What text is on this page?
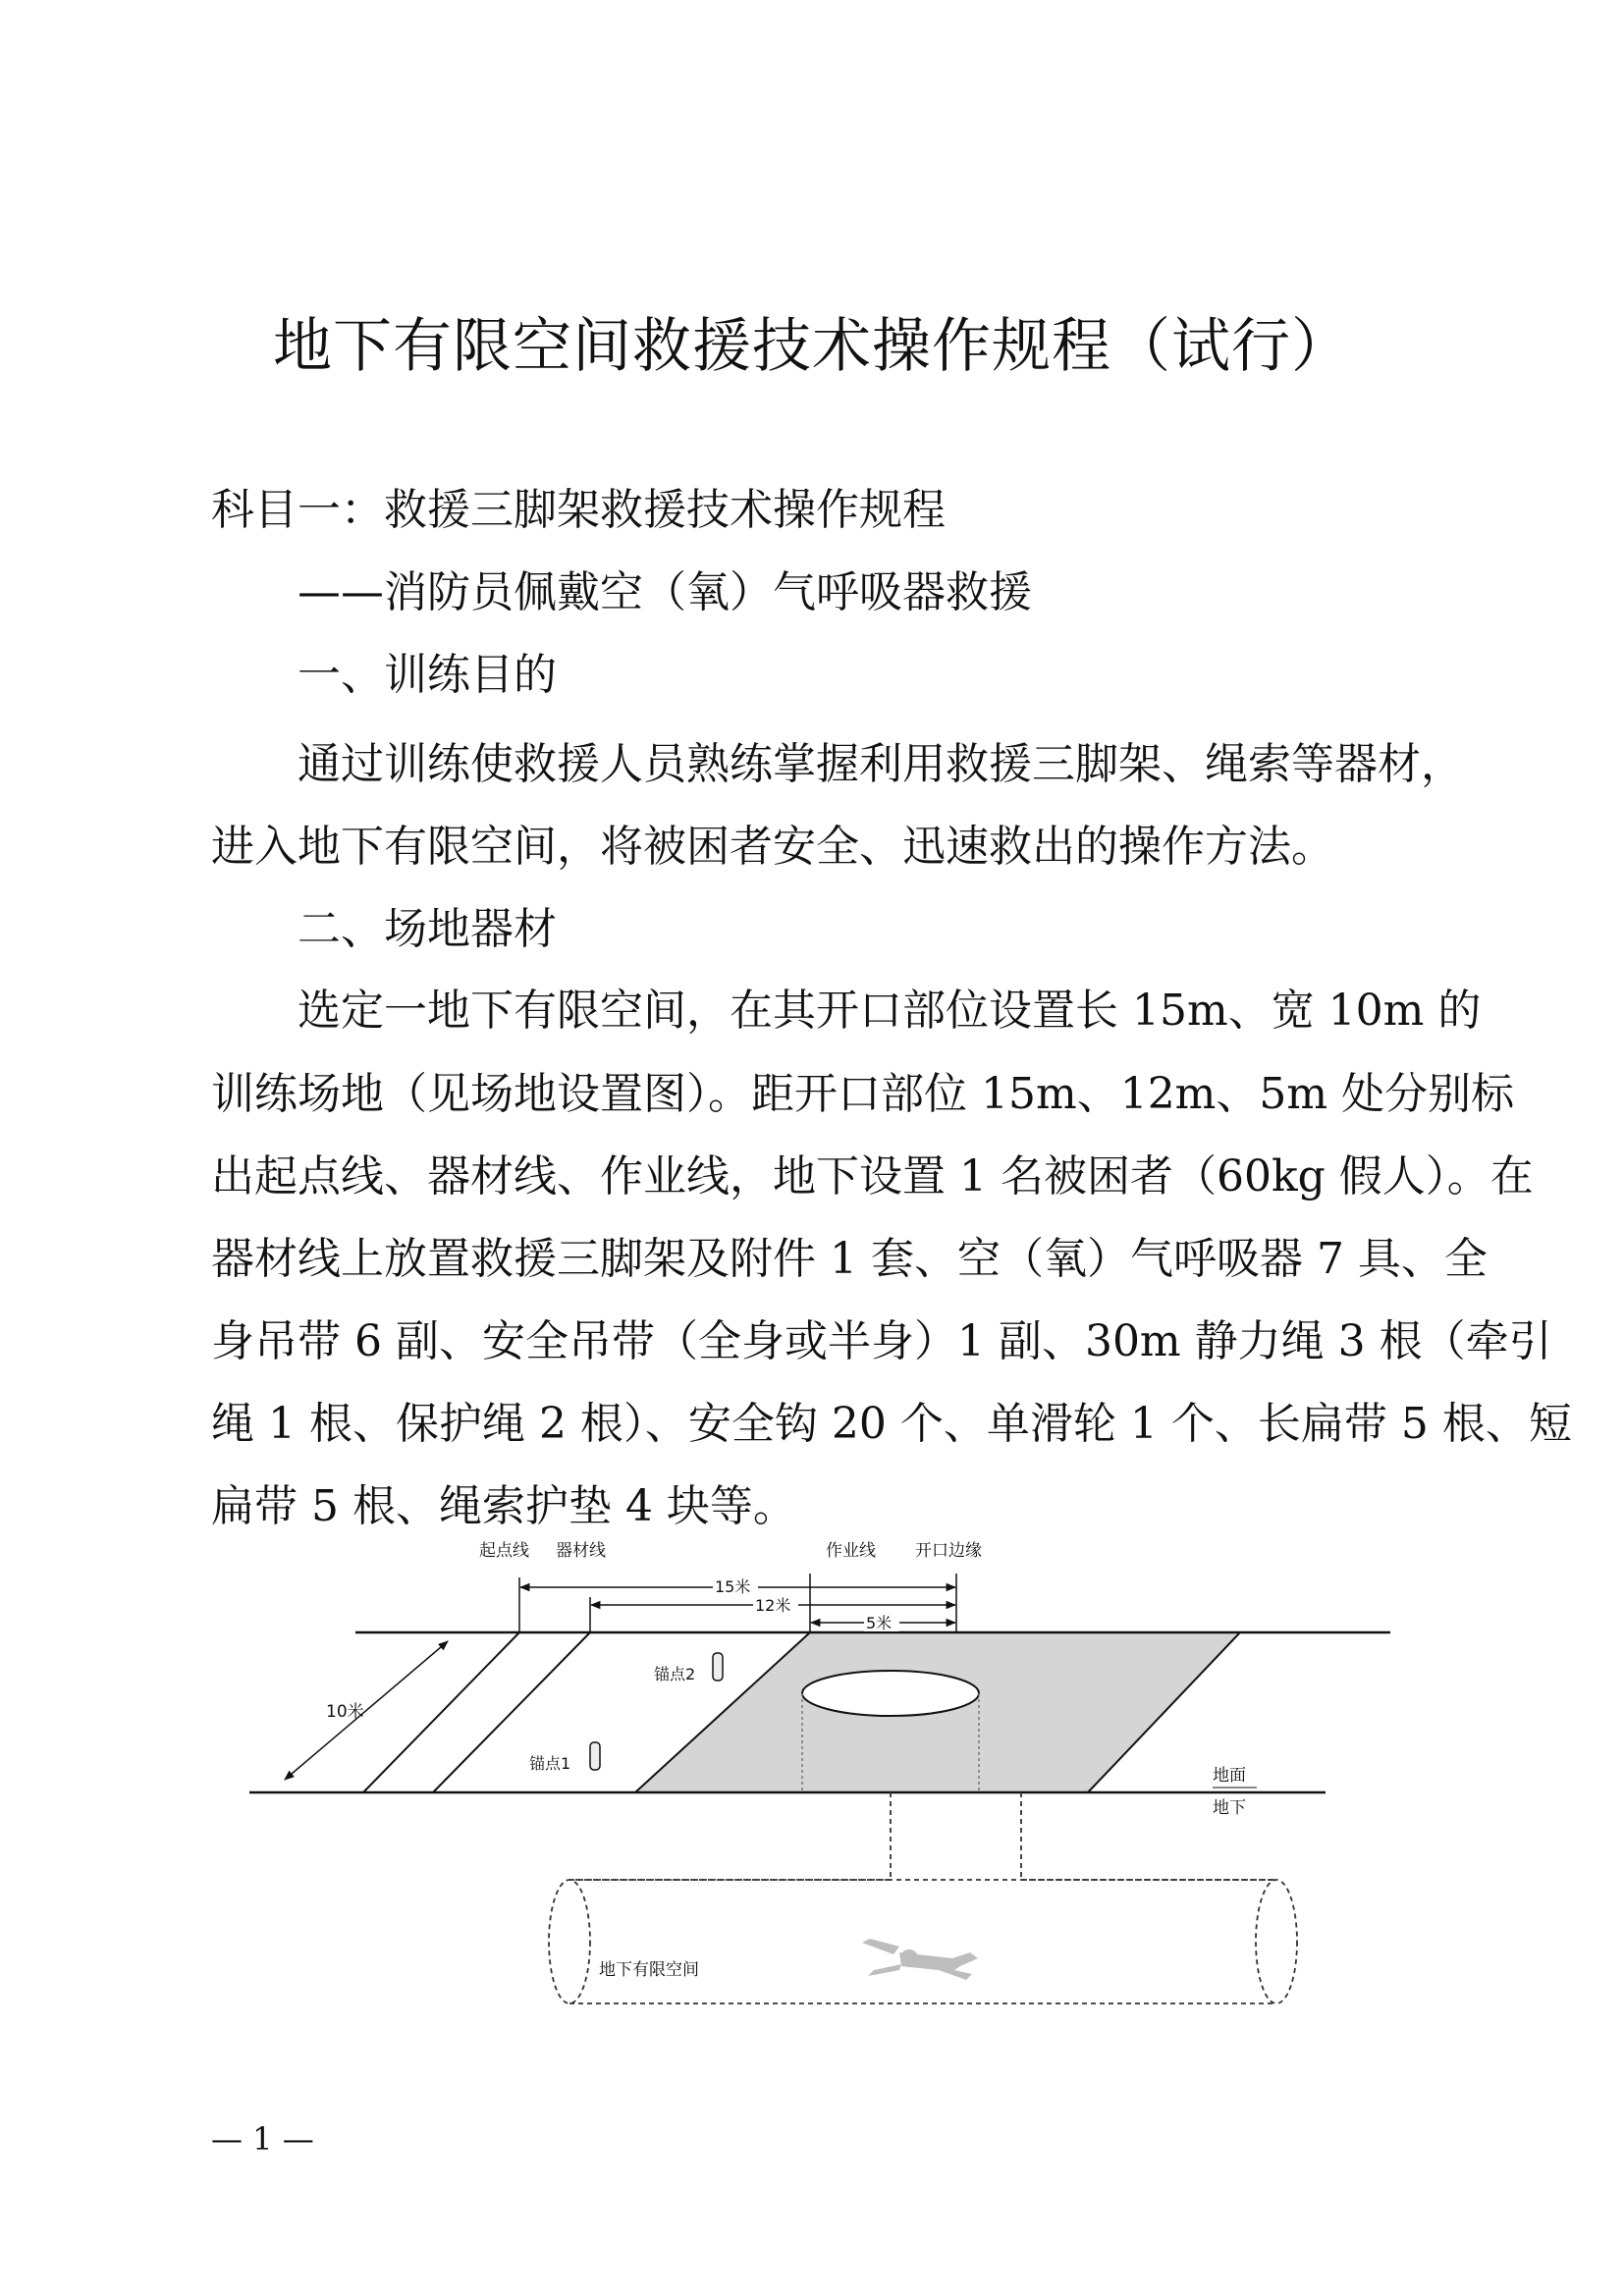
地下有限空间救援技术操作规程（试行）
科目一：救援三脚架救援技术操作规程
——消防员佩戴空（氧）气呼吸器救援
一、训练目的
通过训练使救援人员熟练掌握利用救援三脚架、绳索等器材，
进入地下有限空间，将被困者安全、迅速救出的操作方法。
二、场地器材
选定一地下有限空间，在其开口部位设置长 15m、宽 10m 的
训练场地（见场地设置图）。距开口部位 15m、12m、5m 处分别标
出起点线、器材线、作业线，地下设置 1 名被困者（60kg 假人）。在
器材线上放置救援三脚架及附件 1 套、空（氧）气呼吸器 7 具、全
身吊带 6 副、安全吊带（全身或半身）1 副、30m 静力绳 3 根（牵引
绳 1 根、保护绳 2 根）、安全钩 20 个、单滑轮 1 个、长扁带 5 根、短
扁带 5 根、绳索护垫 4 块等。
10米
起点线 器材线	作业线 开口边缘
15米
12米
5米
锚点2
锚点1
地面
地下
地下有限空间
— 1 —
